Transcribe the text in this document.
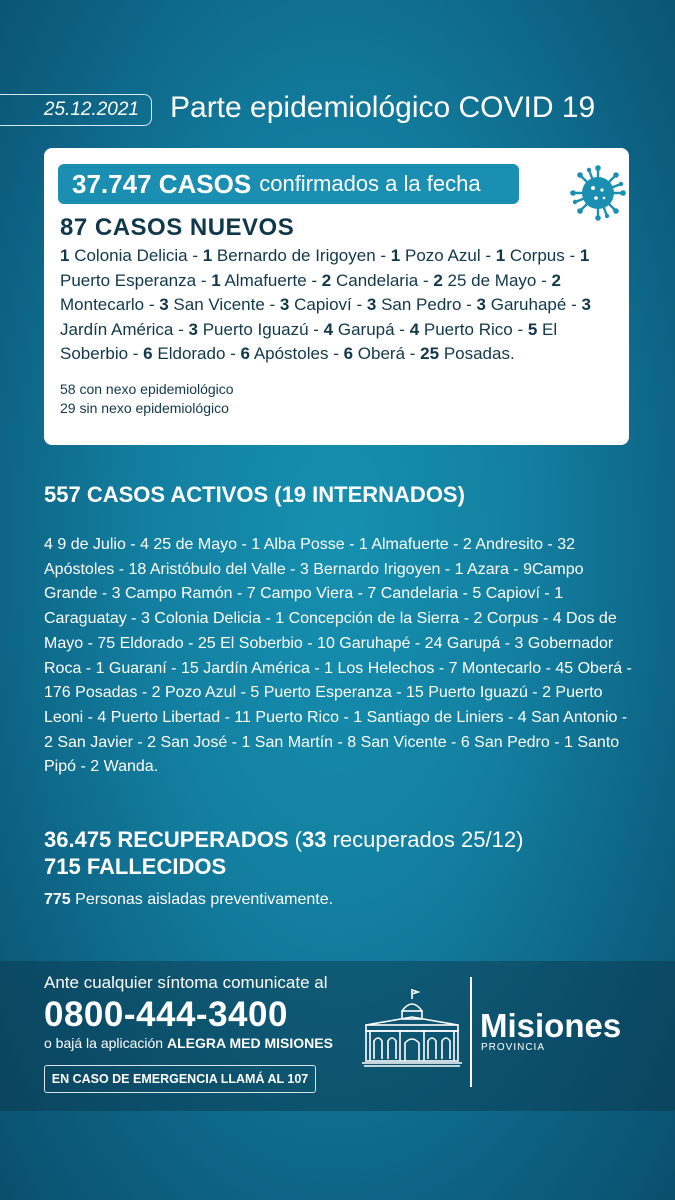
25.12.2021 Parte epidemiológico COVID 19
37.747 CASOS confirmados a la fecha
87 CASOS NUEVOS

1 Colonia Delicia - 1 Bernardo de Irigoyen - 1 Pozo Azul - 1 Corpus - 1 Puerto Esperanza - 1 Almafuerte - 2 Candelaria - 2 25 de Mayo - 2 Montecarlo - 3 San Vicente - 3 Capioví - 3 San Pedro - 3 Garuhapé - 3 Jardín América - 3 Puerto Iguazú - 4 Garupá - 4 Puerto Rico - 5 El Soberbio - 6 Eldorado - 6 Apóstoles - 6 Oberá - 25 Posadas.

58 con nexo epidemiológico
29 sin nexo epidemiológico
557 CASOS ACTIVOS (19 INTERNADOS)
4 9 de Julio - 4 25 de Mayo - 1 Alba Posse - 1 Almafuerte - 2 Andresito - 32 Apóstoles - 18 Aristóbulo del Valle - 3 Bernardo Irigoyen - 1 Azara - 9Campo Grande - 3 Campo Ramón - 7 Campo Viera - 7 Candelaria - 5 Capioví - 1 Caraguatay - 3 Colonia Delicia - 1 Concepción de la Sierra - 2 Corpus - 4 Dos de Mayo - 75 Eldorado - 25 El Soberbio - 10 Garuhapé - 24 Garupá - 3 Gobernador Roca - 1 Guaraní - 15 Jardín América - 1 Los Helechos - 7 Montecarlo - 45 Oberá - 176 Posadas - 2 Pozo Azul - 5 Puerto Esperanza - 15 Puerto Iguazú - 2 Puerto Leoni - 4 Puerto Libertad - 11 Puerto Rico - 1 Santiago de Liniers - 4 San Antonio - 2 San Javier - 2 San José - 1 San Martín - 8 San Vicente - 6 San Pedro - 1 Santo Pipó - 2 Wanda.
36.475 RECUPERADOS (33 recuperados 25/12)
715 FALLECIDOS
775 Personas aisladas preventivamente.
Ante cualquier síntoma comunicate al
0800-444-3400
o bajá la aplicación ALEGRA MED MISIONES
EN CASO DE EMERGENCIA LLAMÁ AL 107
Misiones
PROVINCIA
